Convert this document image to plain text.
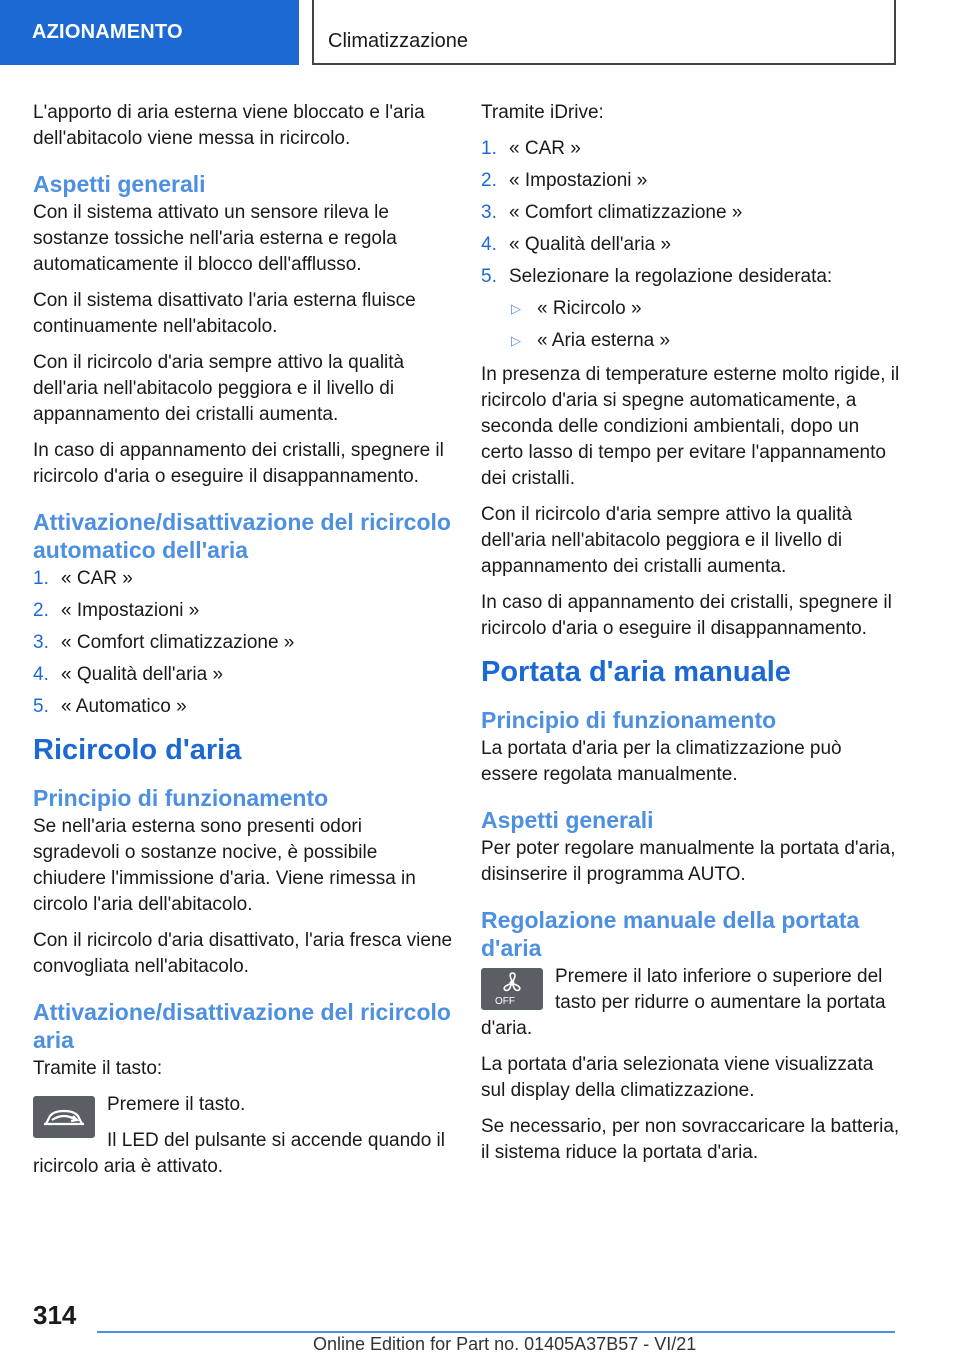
AZIONAMENTO	Climatizzazione

L'apporto di aria esterna viene bloccato e l'aria dell'abitacolo viene messa in ricircolo.

Aspetti generali

Con il sistema attivato un sensore rileva le sostanze tossiche nell'aria esterna e regola automaticamente il blocco dell'afflusso.

Con il sistema disattivato l'aria esterna fluisce continuamente nell'abitacolo.

Con il ricircolo d'aria sempre attivo la qualità dell'aria nell'abitacolo peggiora e il livello di appannamento dei cristalli aumenta.

In caso di appannamento dei cristalli, spegnere il ricircolo d'aria o eseguire il disappannamento.

Attivazione/disattivazione del ricircolo automatico dell'aria
1. « CAR »
2. « Impostazioni »
3. « Comfort climatizzazione »
4. « Qualità dell'aria »
5. « Automatico »
Ricircolo d'aria
Principio di funzionamento

Se nell'aria esterna sono presenti odori sgradevoli o sostanze nocive, è possibile chiudere l'immissione d'aria. Viene rimessa in circolo l'aria dell'abitacolo.

Con il ricircolo d'aria disattivato, l'aria fresca viene convogliata nell'abitacolo.

Attivazione/disattivazione del ricircolo aria

Tramite il tasto:

Premere il tasto.

Il LED del pulsante si accende quando il ricircolo aria è attivato.

Tramite iDrive:

1. « CAR »
2. « Impostazioni »
3. « Comfort climatizzazione »
4. « Qualità dell'aria »
5. Selezionare la regolazione desiderata:
▷ « Ricircolo »
▷ « Aria esterna »

In presenza di temperature esterne molto rigide, il ricircolo d'aria si spegne automaticamente, a seconda delle condizioni ambientali, dopo un certo lasso di tempo per evitare l'appannamento dei cristalli.

Con il ricircolo d'aria sempre attivo la qualità dell'aria nell'abitacolo peggiora e il livello di appannamento dei cristalli aumenta.

In caso di appannamento dei cristalli, spegnere il ricircolo d'aria o eseguire il disappannamento.

Portata d'aria manuale
Principio di funzionamento

La portata d'aria per la climatizzazione può essere regolata manualmente.

Aspetti generali

Per poter regolare manualmente la portata d'aria, disinserire il programma AUTO.

Regolazione manuale della portata d'aria
OFF

Premere il lato inferiore o superiore del tasto per ridurre o aumentare la portata d'aria.

La portata d'aria selezionata viene visualizzata sul display della climatizzazione.

Se necessario, per non sovraccaricare la batteria, il sistema riduce la portata d'aria.

314
Online Edition for Part no. 01405A37B57 - VI/21
